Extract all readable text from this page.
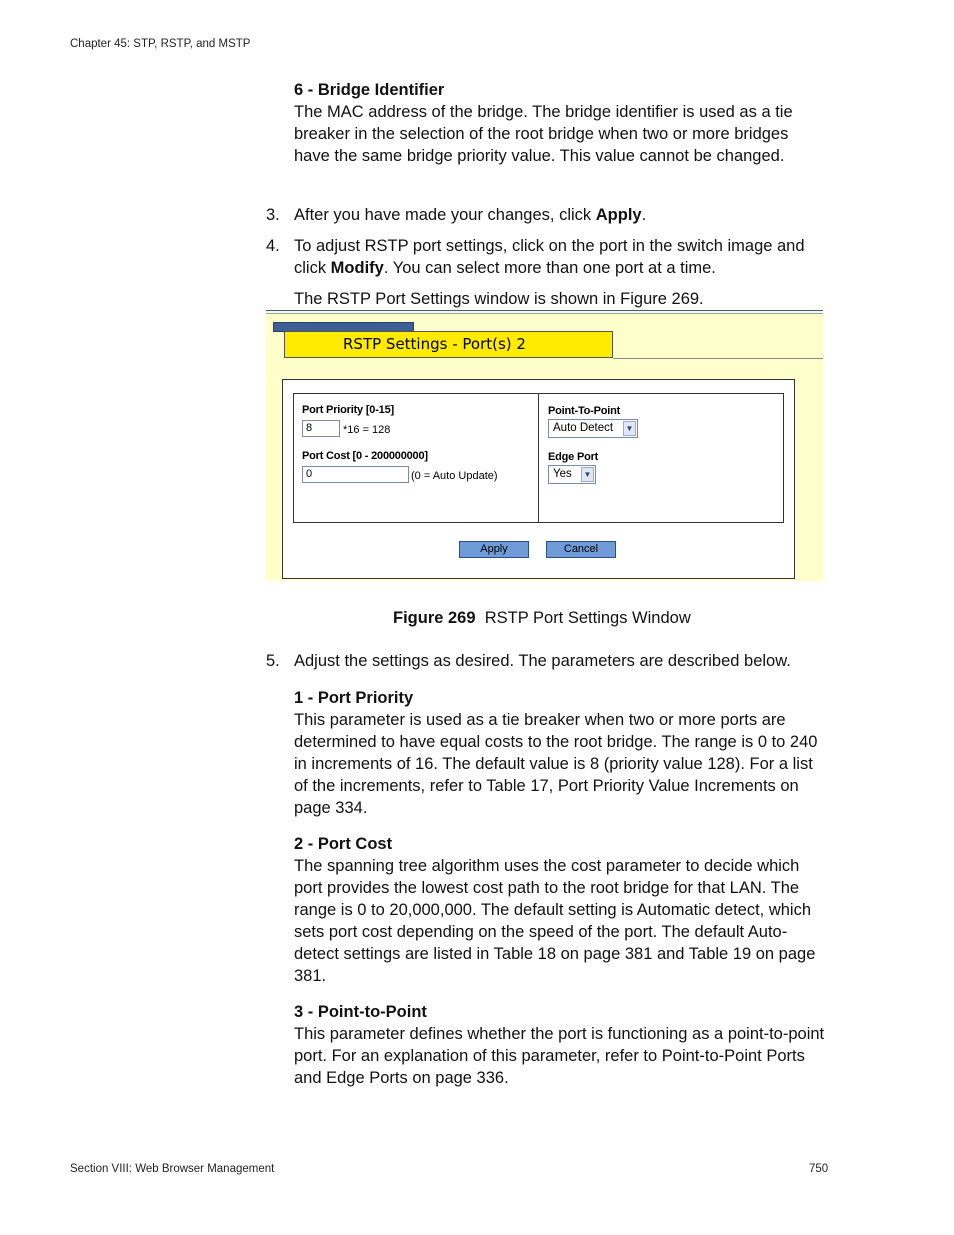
Chapter 45: STP, RSTP, and MSTP
6 - Bridge Identifier

The MAC address of the bridge. The bridge identifier is used as a tie breaker in the selection of the root bridge when two or more bridges have the same bridge priority value. This value cannot be changed.

3. After you have made your changes, click Apply.
4. To adjust RSTP port settings, click on the port in the switch image and click Modify. You can select more than one port at a time.
The RSTP Port Settings window is shown in Figure 269.
RSTP Settings - Port(s) 2
Port Priority [0-15]
8	*16 = 128
Port Cost [0 - 200000000]
0	(0 = Auto Update)
Point-To-Point
Auto Detect	▼
Edge Port
Yes	▼
Apply	Cancel
Figure 269 RSTP Port Settings Window
5. Adjust the settings as desired. The parameters are described below.
1 - Port Priority

This parameter is used as a tie breaker when two or more ports are determined to have equal costs to the root bridge. The range is 0 to 240 in increments of 16. The default value is 8 (priority value 128). For a list of the increments, refer to Table 17, Port Priority Value Increments on page 334.

2 - Port Cost

The spanning tree algorithm uses the cost parameter to decide which port provides the lowest cost path to the root bridge for that LAN. The range is 0 to 20,000,000. The default setting is Automatic detect, which sets port cost depending on the speed of the port. The default Auto-detect settings are listed in Table 18 on page 381 and Table 19 on page 381.

3 - Point-to-Point

This parameter defines whether the port is functioning as a point-to-point port. For an explanation of this parameter, refer to Point-to-Point Ports and Edge Ports on page 336.

Section VIII: Web Browser Management	750
